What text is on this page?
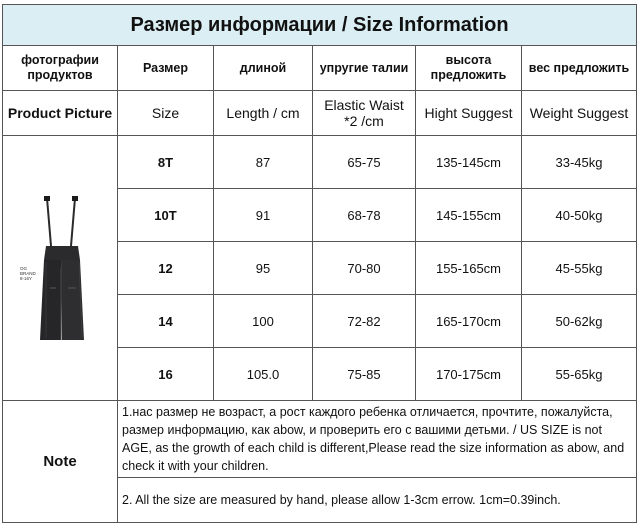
Размер информации / Size Information					
фотографии продуктов	Размер	длиной	упругие талии	высота предложить	вес предложить
Product Picture	Size	Length / cm	Elastic Waist *2 /cm	Hight Suggest	Weight Suggest

OG
BRAND
8-16Y	8T	87	65-75	135-145cm	33-45kg
	10T	91	68-78	145-155cm	40-50kg
	12	95	70-80	155-165cm	45-55kg
	14	100	72-82	165-170cm	50-62kg
	16	105.0	75-85	170-175cm	55-65kg
Note	1.нас размер не возраст, а рост каждого ребенка отличается, прочтите, пожалуйста, размер информацию, как abow, и проверить его с вашими детьми. / US SIZE is not AGE, as the growth of each child is different,Please read the size information as abow, and check it with your children.				
	2. All the size are measured by hand, please allow 1-3cm errow. 1cm=0.39inch.				
